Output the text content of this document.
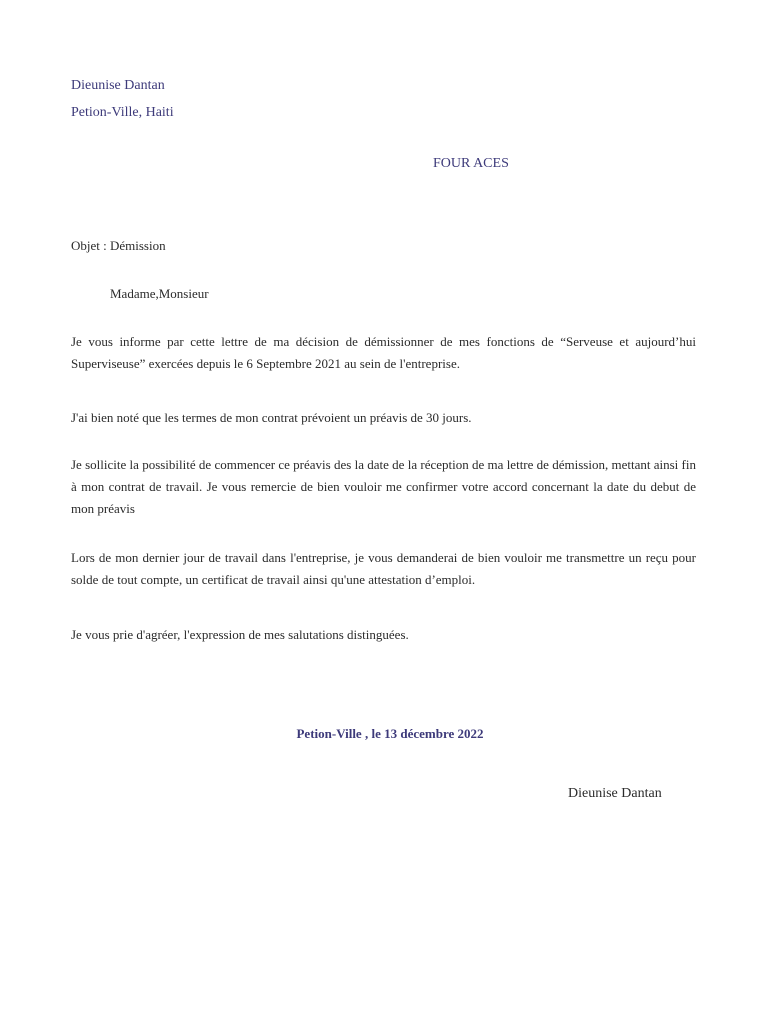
Dieunise Dantan
Petion-Ville, Haiti
FOUR ACES
Objet : Démission
Madame,Monsieur

Je vous informe par cette lettre de ma décision de démissionner de mes fonctions de “Serveuse et aujourd’hui Superviseuse” exercées depuis le 6 Septembre 2021 au sein de l'entreprise.

J'ai bien noté que les termes de mon contrat prévoient un préavis de 30 jours.

Je sollicite la possibilité de commencer ce préavis des la date de la réception de ma lettre de démission, mettant ainsi fin à mon contrat de travail. Je vous remercie de bien vouloir me confirmer votre accord concernant la date du debut de mon préavis

Lors de mon dernier jour de travail dans l'entreprise, je vous demanderai de bien vouloir me transmettre un reçu pour solde de tout compte, un certificat de travail ainsi qu'une attestation d’emploi.

Je vous prie d'agréer, l'expression de mes salutations distinguées.

Petion-Ville , le 13 décembre 2022
Dieunise Dantan
